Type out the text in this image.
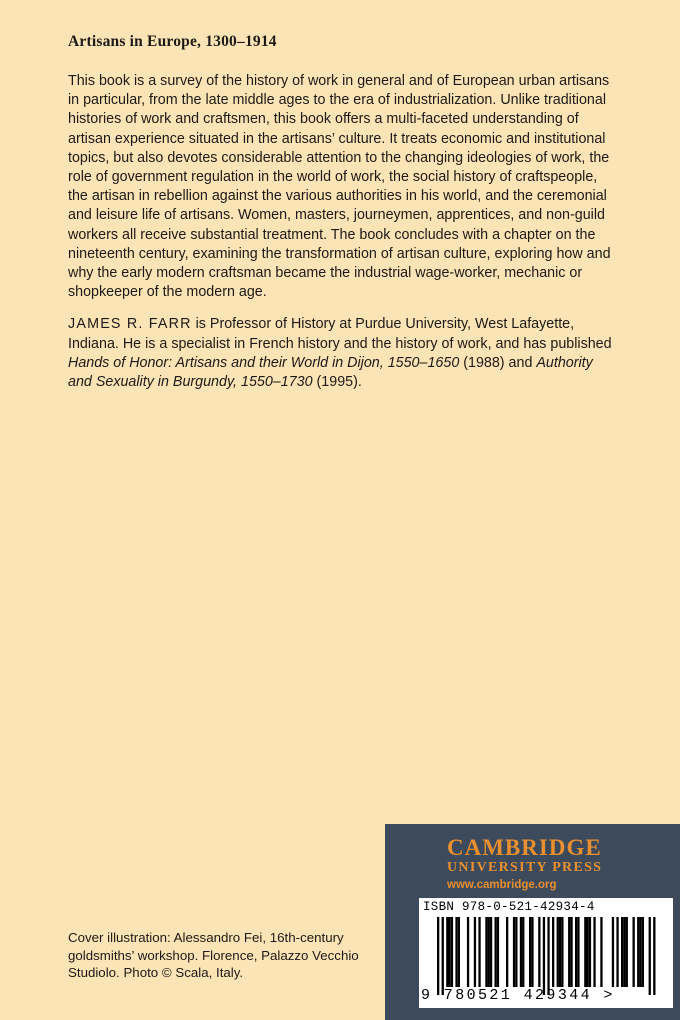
Artisans in Europe, 1300–1914

This book is a survey of the history of work in general and of European urban artisans in particular, from the late middle ages to the era of industrialization. Unlike traditional histories of work and craftsmen, this book offers a multi-faceted understanding of artisan experience situated in the artisans’ culture. It treats economic and institutional topics, but also devotes considerable attention to the changing ideologies of work, the role of government regulation in the world of work, the social history of craftspeople, the artisan in rebellion against the various authorities in his world, and the ceremonial and leisure life of artisans. Women, masters, journeymen, apprentices, and non-guild workers all receive substantial treatment. The book concludes with a chapter on the nineteenth century, examining the transformation of artisan culture, exploring how and why the early modern craftsman became the industrial wage-worker, mechanic or shopkeeper of the modern age.

JAMES R. FARR is Professor of History at Purdue University, West Lafayette, Indiana. He is a specialist in French history and the history of work, and has published Hands of Honor: Artisans and their World in Dijon, 1550–1650 (1988) and Authority and Sexuality in Burgundy, 1550–1730 (1995).

Cover illustration: Alessandro Fei, 16th-century goldsmiths’ workshop. Florence, Palazzo Vecchio Studiolo. Photo © Scala, Italy.

CAMBRIDGE
UNIVERSITY PRESS
www.cambridge.org
ISBN 978-0-521-42934-4
9 780521 429344 >
